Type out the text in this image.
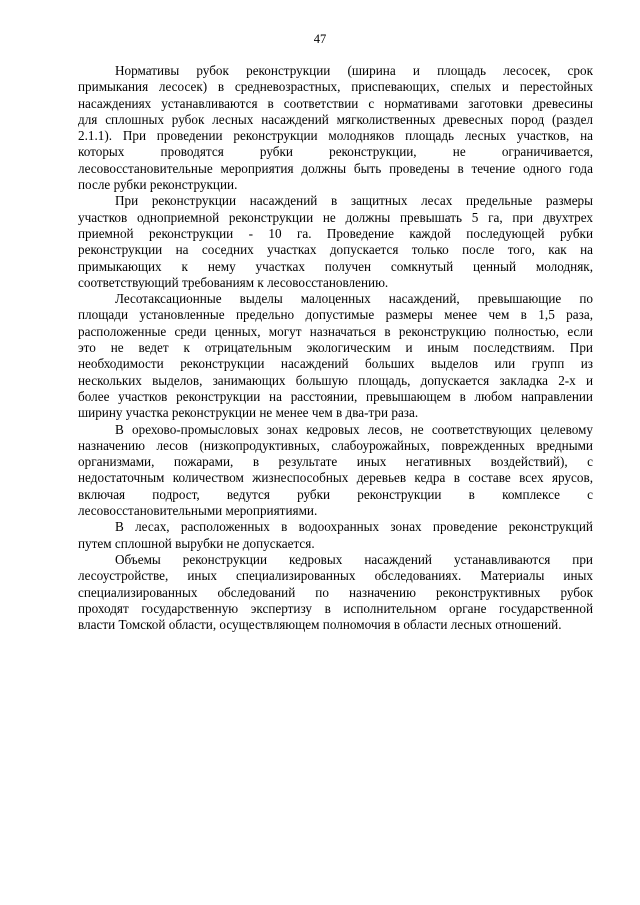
47
Нормативы рубок реконструкции (ширина и площадь лесосек, срок
примыкания лесосек) в средневозрастных, приспевающих, спелых и перестойных
насаждениях устанавливаются в соответствии с нормативами заготовки древесины
для сплошных рубок лесных насаждений мягколиственных древесных пород (раздел
2.1.1). При проведении реконструкции молодняков площадь лесных участков, на
которых проводятся рубки реконструкции, не ограничивается,
лесовосстановительные мероприятия должны быть проведены в течение одного года
после рубки реконструкции.
При реконструкции насаждений в защитных лесах предельные размеры
участков одноприемной реконструкции не должны превышать 5 га, при двухтрех
приемной реконструкции - 10 га. Проведение каждой последующей рубки
реконструкции на соседних участках допускается только после того, как на
примыкающих к нему участках получен сомкнутый ценный молодняк,
соответствующий требованиям к лесовосстановлению.
Лесотаксационные выделы малоценных насаждений, превышающие по
площади установленные предельно допустимые размеры менее чем в 1,5 раза,
расположенные среди ценных, могут назначаться в реконструкцию полностью, если
это не ведет к отрицательным экологическим и иным последствиям. При
необходимости реконструкции насаждений больших выделов или групп из
нескольких выделов, занимающих большую площадь, допускается закладка 2-х и
более участков реконструкции на расстоянии, превышающем в любом направлении
ширину участка реконструкции не менее чем в два-три раза.
В орехово-промысловых зонах кедровых лесов, не соответствующих целевому
назначению лесов (низкопродуктивных, слабоурожайных, поврежденных вредными
организмами, пожарами, в результате иных негативных воздействий), с
недостаточным количеством жизнеспособных деревьев кедра в составе всех ярусов,
включая подрост, ведутся рубки реконструкции в комплексе с
лесовосстановительными мероприятиями.
В лесах, расположенных в водоохранных зонах проведение реконструкций
путем сплошной вырубки не допускается.
Объемы реконструкции кедровых насаждений устанавливаются при
лесоустройстве, иных специализированных обследованиях. Материалы иных
специализированных обследований по назначению реконструктивных рубок
проходят государственную экспертизу в исполнительном органе государственной
власти Томской области, осуществляющем полномочия в области лесных отношений.
